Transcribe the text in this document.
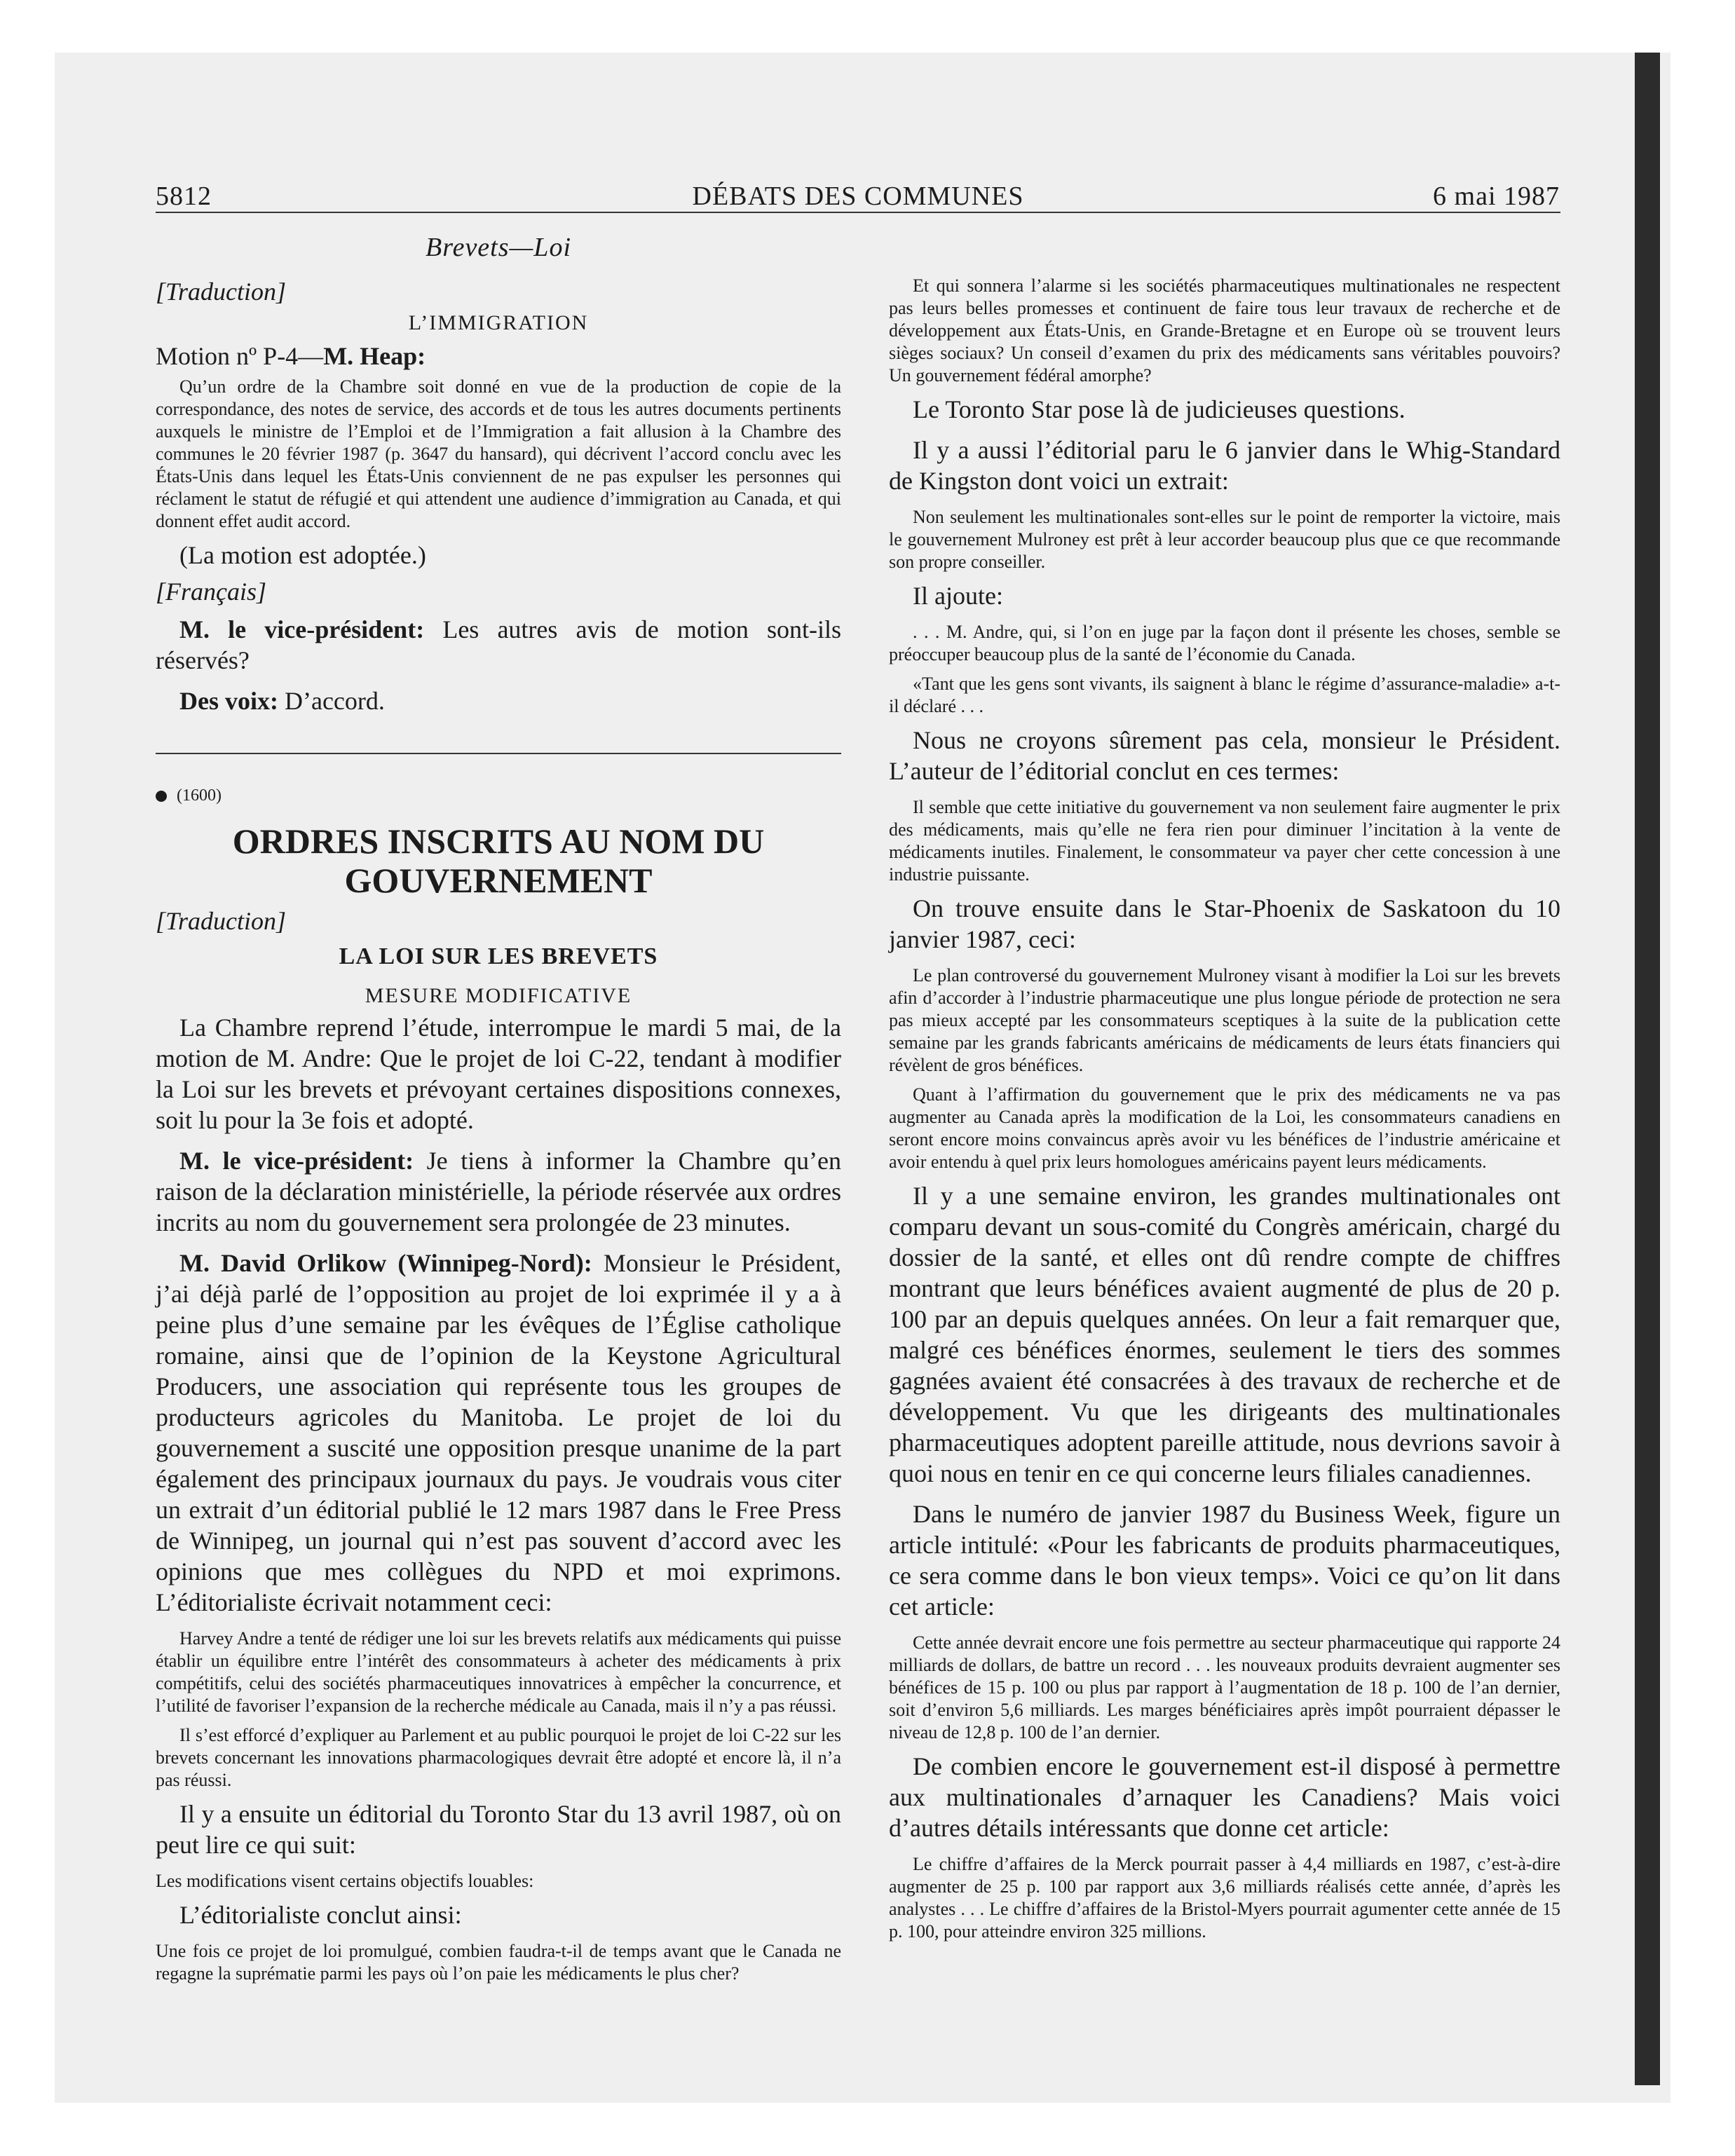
5812	DÉBATS DES COMMUNES	6 mai 1987
Brevets—Loi
[Traduction]
L’IMMIGRATION

Motion nº P-4—M. Heap:

Qu’un ordre de la Chambre soit donné en vue de la production de copie de la correspondance, des notes de service, des accords et de tous les autres documents pertinents auxquels le ministre de l’Emploi et de l’Immigration a fait allusion à la Chambre des communes le 20 février 1987 (p. 3647 du hansard), qui décrivent l’accord conclu avec les États-Unis dans lequel les États-Unis conviennent de ne pas expulser les personnes qui réclament le statut de réfugié et qui attendent une audience d’immigration au Canada, et qui donnent effet audit accord.

(La motion est adoptée.)

[Français]

M. le vice-président: Les autres avis de motion sont-ils réservés?

Des voix: D’accord.

(1600)
ORDRES INSCRITS AU NOM DU GOUVERNEMENT
[Traduction]
LA LOI SUR LES BREVETS
MESURE MODIFICATIVE

La Chambre reprend l’étude, interrompue le mardi 5 mai, de la motion de M. Andre: Que le projet de loi C-22, tendant à modifier la Loi sur les brevets et prévoyant certaines dispositions connexes, soit lu pour la 3e fois et adopté.

M. le vice-président: Je tiens à informer la Chambre qu’en raison de la déclaration ministérielle, la période réservée aux ordres incrits au nom du gouvernement sera prolongée de 23 minutes.

M. David Orlikow (Winnipeg-Nord): Monsieur le Président, j’ai déjà parlé de l’opposition au projet de loi exprimée il y a à peine plus d’une semaine par les évêques de l’Église catholique romaine, ainsi que de l’opinion de la Keystone Agricultural Producers, une association qui représente tous les groupes de producteurs agricoles du Manitoba. Le projet de loi du gouvernement a suscité une opposition presque unanime de la part également des principaux journaux du pays. Je voudrais vous citer un extrait d’un éditorial publié le 12 mars 1987 dans le Free Press de Winnipeg, un journal qui n’est pas souvent d’accord avec les opinions que mes collègues du NPD et moi exprimons. L’éditorialiste écrivait notamment ceci:

Harvey Andre a tenté de rédiger une loi sur les brevets relatifs aux médicaments qui puisse établir un équilibre entre l’intérêt des consommateurs à acheter des médicaments à prix compétitifs, celui des sociétés pharmaceutiques innovatrices à empêcher la concurrence, et l’utilité de favoriser l’expansion de la recherche médicale au Canada, mais il n’y a pas réussi.

Il s’est efforcé d’expliquer au Parlement et au public pourquoi le projet de loi C-22 sur les brevets concernant les innovations pharmacologiques devrait être adopté et encore là, il n’a pas réussi.

Il y a ensuite un éditorial du Toronto Star du 13 avril 1987, où on peut lire ce qui suit:

Les modifications visent certains objectifs louables:

L’éditorialiste conclut ainsi:

Une fois ce projet de loi promulgué, combien faudra-t-il de temps avant que le Canada ne regagne la suprématie parmi les pays où l’on paie les médicaments le plus cher?

Et qui sonnera l’alarme si les sociétés pharmaceutiques multinationales ne respectent pas leurs belles promesses et continuent de faire tous leur travaux de recherche et de développement aux États-Unis, en Grande-Bretagne et en Europe où se trouvent leurs sièges sociaux? Un conseil d’examen du prix des médicaments sans véritables pouvoirs? Un gouvernement fédéral amorphe?

Le Toronto Star pose là de judicieuses questions.

Il y a aussi l’éditorial paru le 6 janvier dans le Whig-Standard de Kingston dont voici un extrait:

Non seulement les multinationales sont-elles sur le point de remporter la victoire, mais le gouvernement Mulroney est prêt à leur accorder beaucoup plus que ce que recommande son propre conseiller.

Il ajoute:

. . . M. Andre, qui, si l’on en juge par la façon dont il présente les choses, semble se préoccuper beaucoup plus de la santé de l’économie du Canada.

«Tant que les gens sont vivants, ils saignent à blanc le régime d’assurance-maladie» a-t-il déclaré . . .

Nous ne croyons sûrement pas cela, monsieur le Président. L’auteur de l’éditorial conclut en ces termes:

Il semble que cette initiative du gouvernement va non seulement faire augmenter le prix des médicaments, mais qu’elle ne fera rien pour diminuer l’incitation à la vente de médicaments inutiles. Finalement, le consommateur va payer cher cette concession à une industrie puissante.

On trouve ensuite dans le Star-Phoenix de Saskatoon du 10 janvier 1987, ceci:

Le plan controversé du gouvernement Mulroney visant à modifier la Loi sur les brevets afin d’accorder à l’industrie pharmaceutique une plus longue période de protection ne sera pas mieux accepté par les consommateurs sceptiques à la suite de la publication cette semaine par les grands fabricants américains de médicaments de leurs états financiers qui révèlent de gros bénéfices.

Quant à l’affirmation du gouvernement que le prix des médicaments ne va pas augmenter au Canada après la modification de la Loi, les consommateurs canadiens en seront encore moins convaincus après avoir vu les bénéfices de l’industrie américaine et avoir entendu à quel prix leurs homologues américains payent leurs médicaments.

Il y a une semaine environ, les grandes multinationales ont comparu devant un sous-comité du Congrès américain, chargé du dossier de la santé, et elles ont dû rendre compte de chiffres montrant que leurs bénéfices avaient augmenté de plus de 20 p. 100 par an depuis quelques années. On leur a fait remarquer que, malgré ces bénéfices énormes, seulement le tiers des sommes gagnées avaient été consacrées à des travaux de recherche et de développement. Vu que les dirigeants des multinationales pharmaceutiques adoptent pareille attitude, nous devrions savoir à quoi nous en tenir en ce qui concerne leurs filiales canadiennes.

Dans le numéro de janvier 1987 du Business Week, figure un article intitulé: «Pour les fabricants de produits pharmaceutiques, ce sera comme dans le bon vieux temps». Voici ce qu’on lit dans cet article:

Cette année devrait encore une fois permettre au secteur pharmaceutique qui rapporte 24 milliards de dollars, de battre un record . . . les nouveaux produits devraient augmenter ses bénéfices de 15 p. 100 ou plus par rapport à l’augmentation de 18 p. 100 de l’an dernier, soit d’environ 5,6 milliards. Les marges bénéficiaires après impôt pourraient dépasser le niveau de 12,8 p. 100 de l’an dernier.

De combien encore le gouvernement est-il disposé à permettre aux multinationales d’arnaquer les Canadiens? Mais voici d’autres détails intéressants que donne cet article:

Le chiffre d’affaires de la Merck pourrait passer à 4,4 milliards en 1987, c’est-à-dire augmenter de 25 p. 100 par rapport aux 3,6 milliards réalisés cette année, d’après les analystes . . . Le chiffre d’affaires de la Bristol-Myers pourrait agumenter cette année de 15 p. 100, pour atteindre environ 325 millions.
